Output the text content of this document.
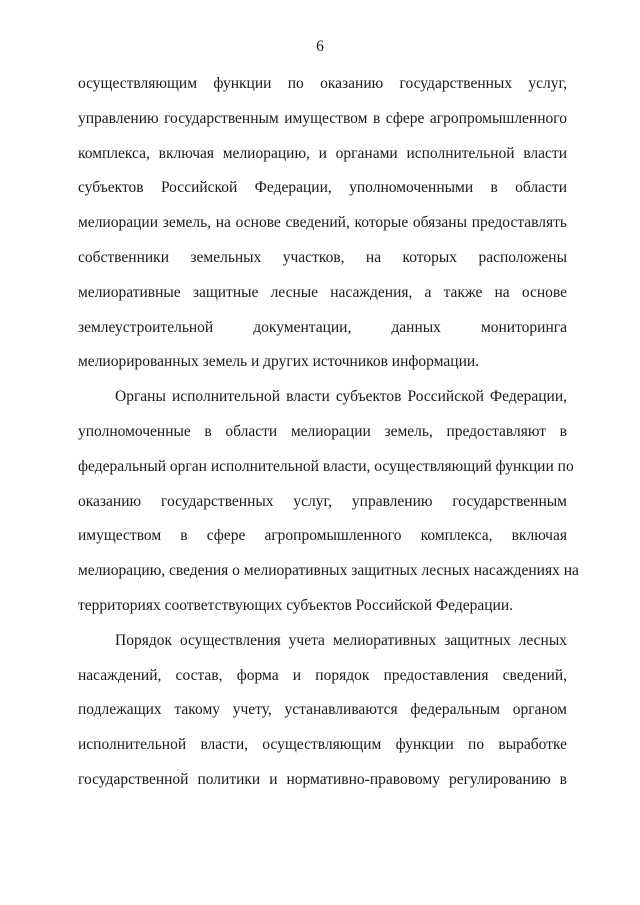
6
осуществляющим функции по оказанию государственных услуг,
управлению государственным имуществом в сфере агропромышленного
комплекса, включая мелиорацию, и органами исполнительной власти
субъектов Российской Федерации, уполномоченными в области
мелиорации земель, на основе сведений, которые обязаны предоставлять
собственники земельных участков, на которых расположены
мелиоративные защитные лесные насаждения, а также на основе
землеустроительной документации, данных мониторинга
мелиорированных земель и других источников информации.
Органы исполнительной власти субъектов Российской Федерации,
уполномоченные в области мелиорации земель, предоставляют в
федеральный орган исполнительной власти, осуществляющий функции по
оказанию государственных услуг, управлению государственным
имуществом в сфере агропромышленного комплекса, включая
мелиорацию, сведения о мелиоративных защитных лесных насаждениях на
территориях соответствующих субъектов Российской Федерации.
Порядок осуществления учета мелиоративных защитных лесных
насаждений, состав, форма и порядок предоставления сведений,
подлежащих такому учету, устанавливаются федеральным органом
исполнительной власти, осуществляющим функции по выработке
государственной политики и нормативно-правовому регулированию в
